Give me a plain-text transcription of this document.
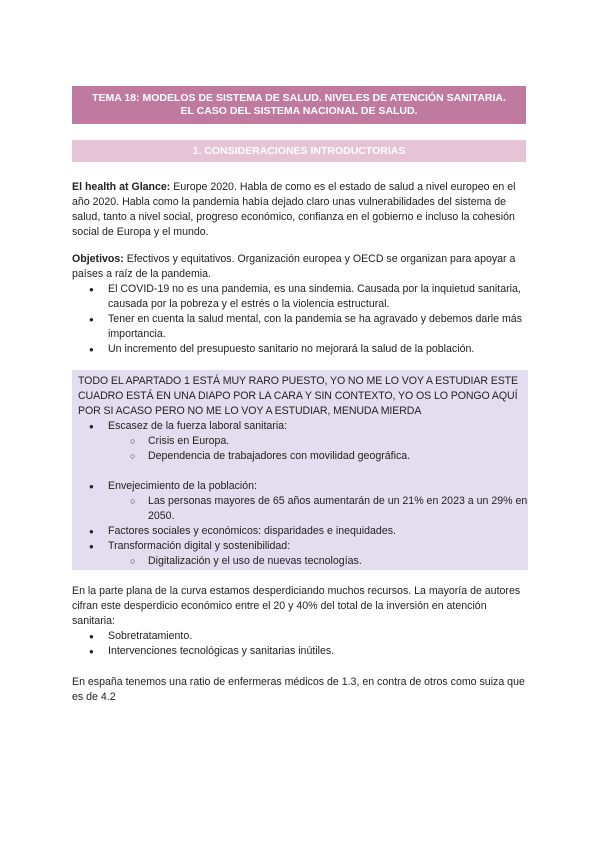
TEMA 18: MODELOS DE SISTEMA DE SALUD. NIVELES DE ATENCIÓN SANITARIA.
EL CASO DEL SISTEMA NACIONAL DE SALUD.
1. CONSIDERACIONES INTRODUCTORIAS
El health at Glance: Europe 2020. Habla de como es el estado de salud a nivel europeo en el año 2020. Habla como la pandemia había dejado claro unas vulnerabilidades del sistema de salud, tanto a nivel social, progreso económico, confianza en el gobierno e incluso la cohesión social de Europa y el mundo.
Objetivos: Efectivos y equitativos. Organización europea y OECD se organizan para apoyar a países a raíz de la pandemia.
● El COVID-19 no es una pandemia, es una sindemia. Causada por la inquietud sanitaria, causada por la pobreza y el estrés o la violencia estructural.
● Tener en cuenta la salud mental, con la pandemia se ha agravado y debemos darle más importancia.
● Un incremento del presupuesto sanitario no mejorará la salud de la población.
TODO EL APARTADO 1 ESTÁ MUY RARO PUESTO, YO NO ME LO VOY A ESTUDIAR ESTE CUADRO ESTÁ EN UNA DIAPO POR LA CARA Y SIN CONTEXTO, YO OS LO PONGO AQUÍ POR SI ACASO PERO NO ME LO VOY A ESTUDIAR, MENUDA MIERDA
● Escasez de la fuerza laboral sanitaria:
○ Crisis en Europa.
○ Dependencia de trabajadores con movilidad geográfica.
● Envejecimiento de la población:
○ Las personas mayores de 65 años aumentarán de un 21% en 2023 a un 29% en 2050.
● Factores sociales y económicos: disparidades e inequidades.
● Transformación digital y sostenibilidad:
○ Digitalización y el uso de nuevas tecnologías.
En la parte plana de la curva estamos desperdiciando muchos recursos. La mayoría de autores cifran este desperdicio económico entre el 20 y 40% del total de la inversión en atención sanitaria:
● Sobretratamiento.
● Intervenciones tecnológicas y sanitarias inútiles.
En españa tenemos una ratio de enfermeras médicos de 1.3, en contra de otros como suiza que es de 4.2
